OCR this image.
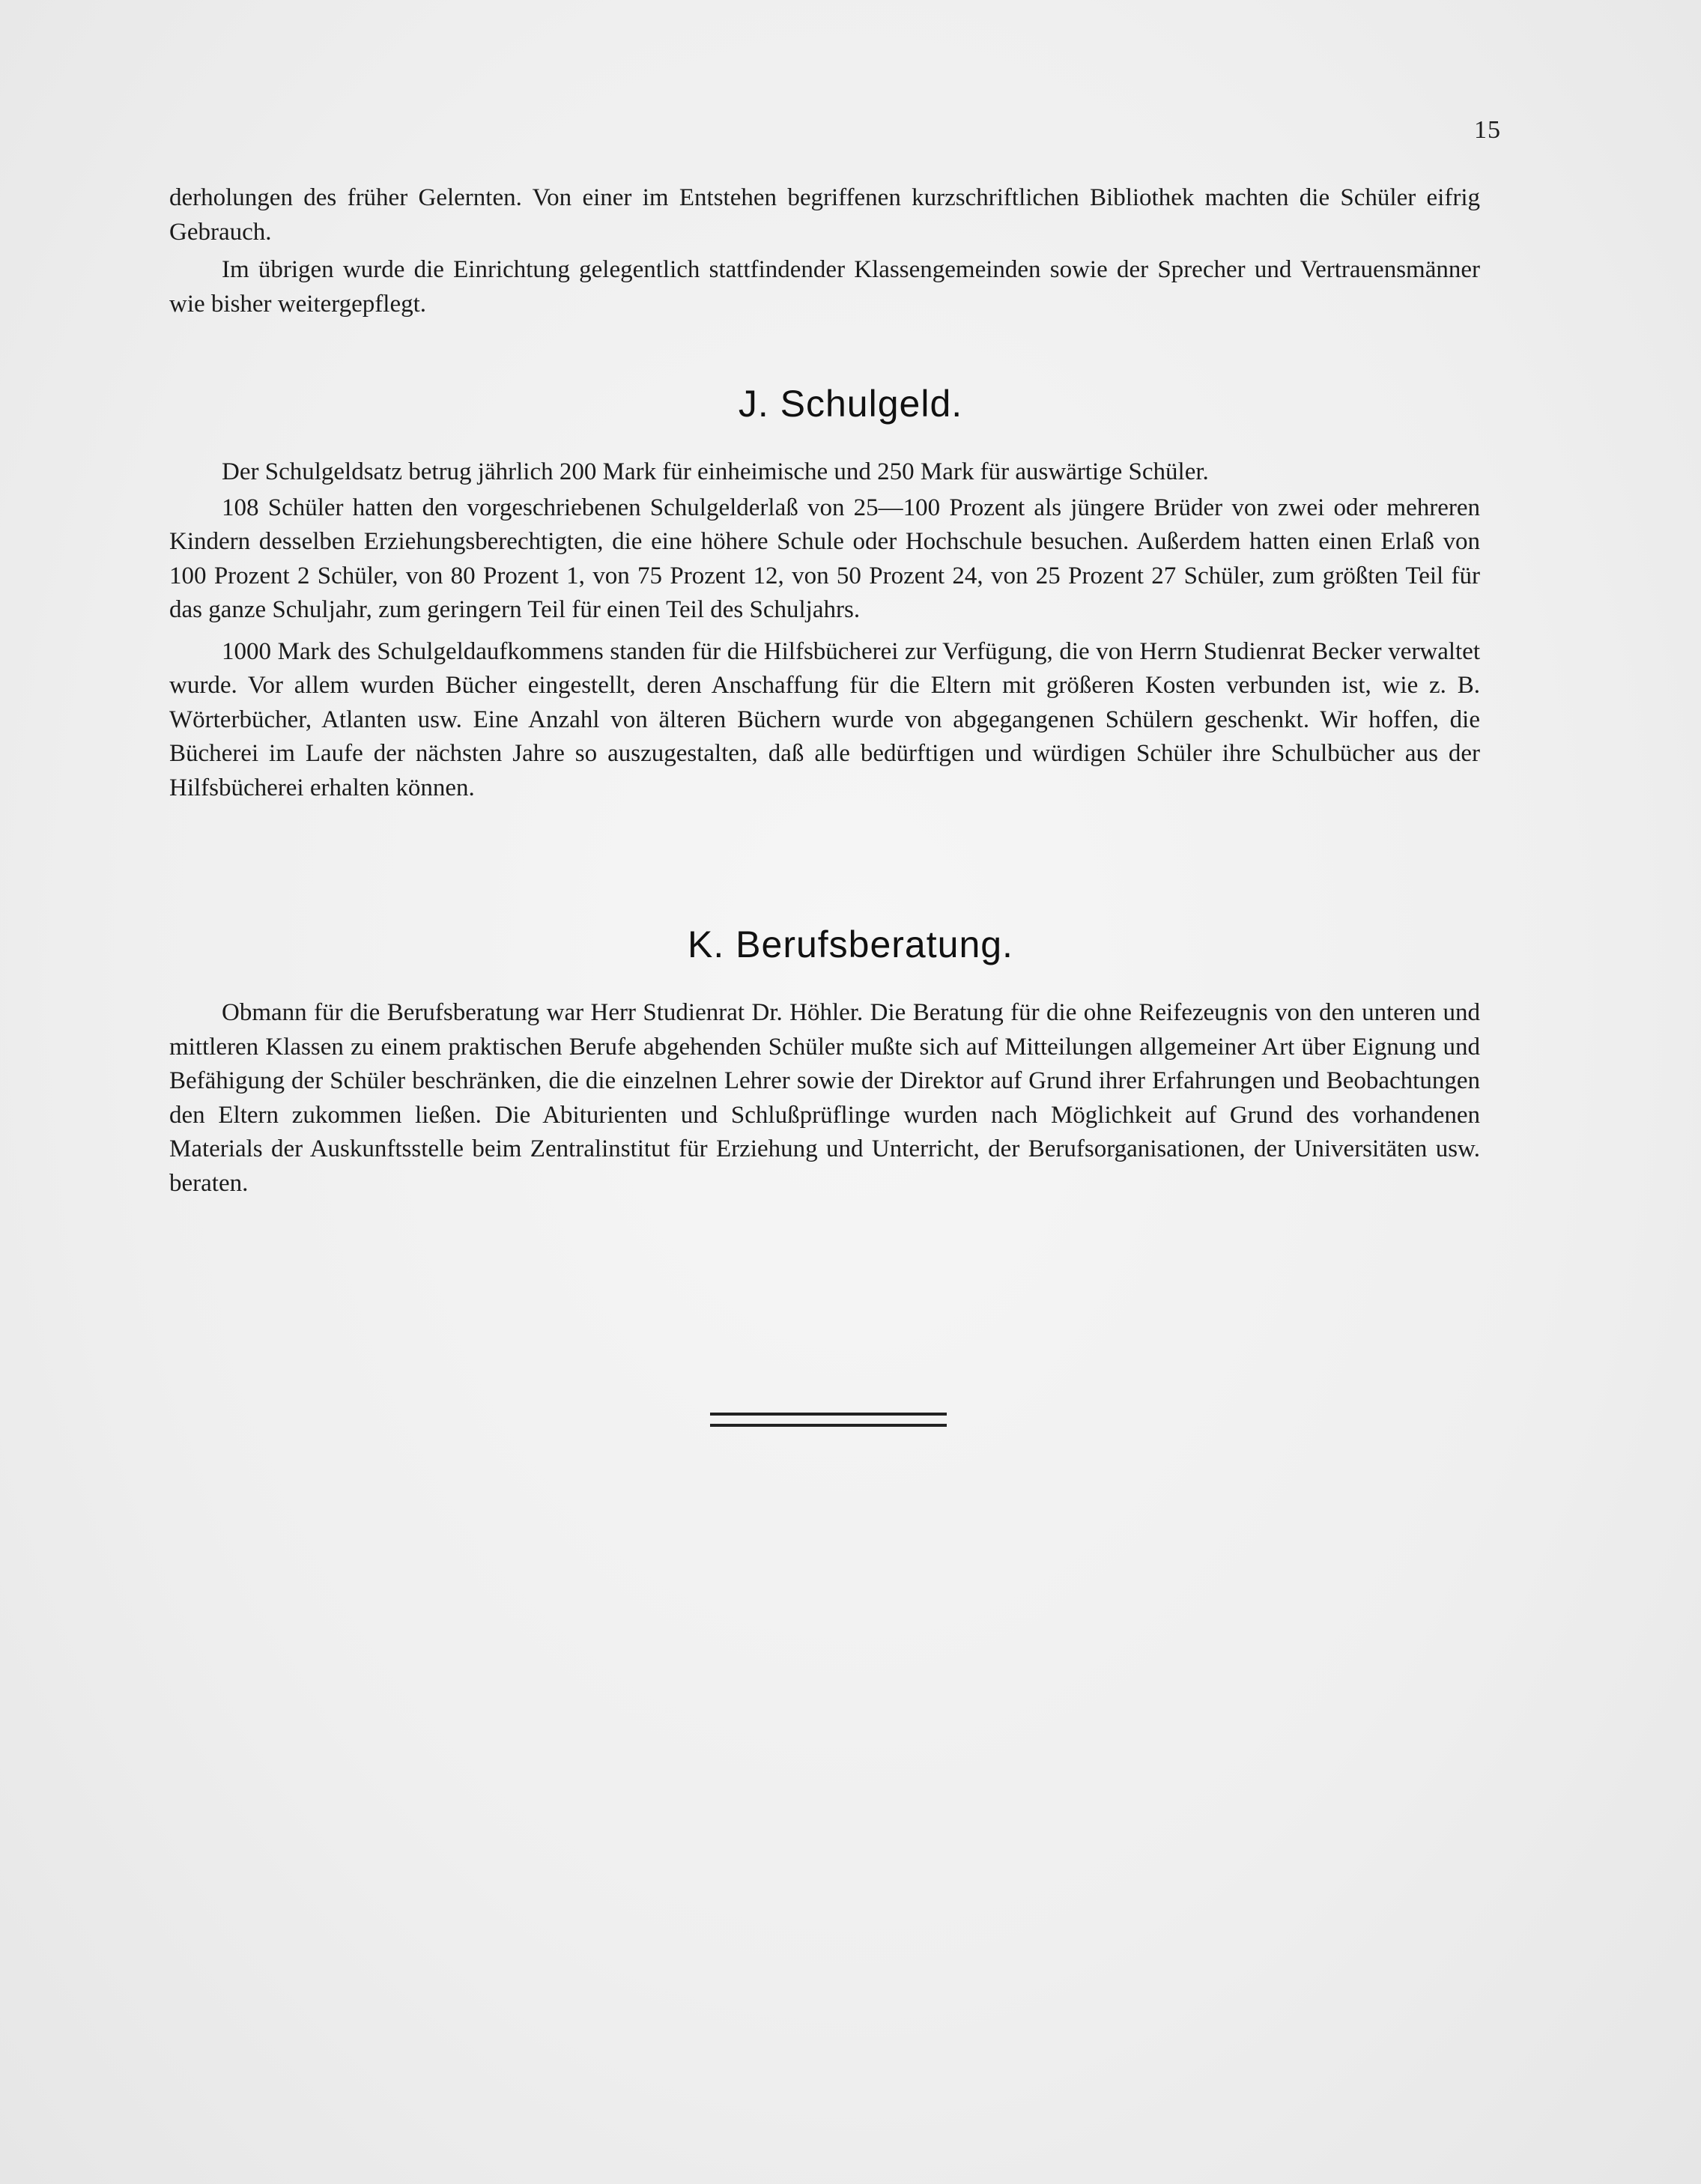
15

derholungen des früher Gelernten. Von einer im Entstehen begriffenen kurzschriftlichen Bibliothek machten die Schüler eifrig Gebrauch.

Im übrigen wurde die Einrichtung gelegentlich stattfindender Klassengemeinden sowie der Sprecher und Vertrauensmänner wie bisher weitergepflegt.

J. Schulgeld.

Der Schulgeldsatz betrug jährlich 200 Mark für einheimische und 250 Mark für auswärtige Schüler.

108 Schüler hatten den vorgeschriebenen Schulgelderlaß von 25—100 Prozent als jüngere Brüder von zwei oder mehreren Kindern desselben Erziehungsberechtigten, die eine höhere Schule oder Hochschule besuchen. Außerdem hatten einen Erlaß von 100 Prozent 2 Schüler, von 80 Prozent 1, von 75 Prozent 12, von 50 Prozent 24, von 25 Prozent 27 Schüler, zum größten Teil für das ganze Schuljahr, zum geringern Teil für einen Teil des Schuljahrs.

1000 Mark des Schulgeldaufkommens standen für die Hilfsbücherei zur Verfügung, die von Herrn Studienrat Becker verwaltet wurde. Vor allem wurden Bücher eingestellt, deren Anschaffung für die Eltern mit größeren Kosten verbunden ist, wie z. B. Wörterbücher, Atlanten usw. Eine Anzahl von älteren Büchern wurde von abgegangenen Schülern geschenkt. Wir hoffen, die Bücherei im Laufe der nächsten Jahre so auszugestalten, daß alle bedürftigen und würdigen Schüler ihre Schulbücher aus der Hilfsbücherei erhalten können.

K. Berufsberatung.

Obmann für die Berufsberatung war Herr Studienrat Dr. Höhler. Die Beratung für die ohne Reifezeugnis von den unteren und mittleren Klassen zu einem praktischen Berufe abgehenden Schüler mußte sich auf Mitteilungen allgemeiner Art über Eignung und Befähigung der Schüler beschränken, die die einzelnen Lehrer sowie der Direktor auf Grund ihrer Erfahrungen und Beobachtungen den Eltern zukommen ließen. Die Abiturienten und Schlußprüflinge wurden nach Möglichkeit auf Grund des vorhandenen Materials der Auskunftsstelle beim Zentralinstitut für Erziehung und Unterricht, der Berufsorganisationen, der Universitäten usw. beraten.
